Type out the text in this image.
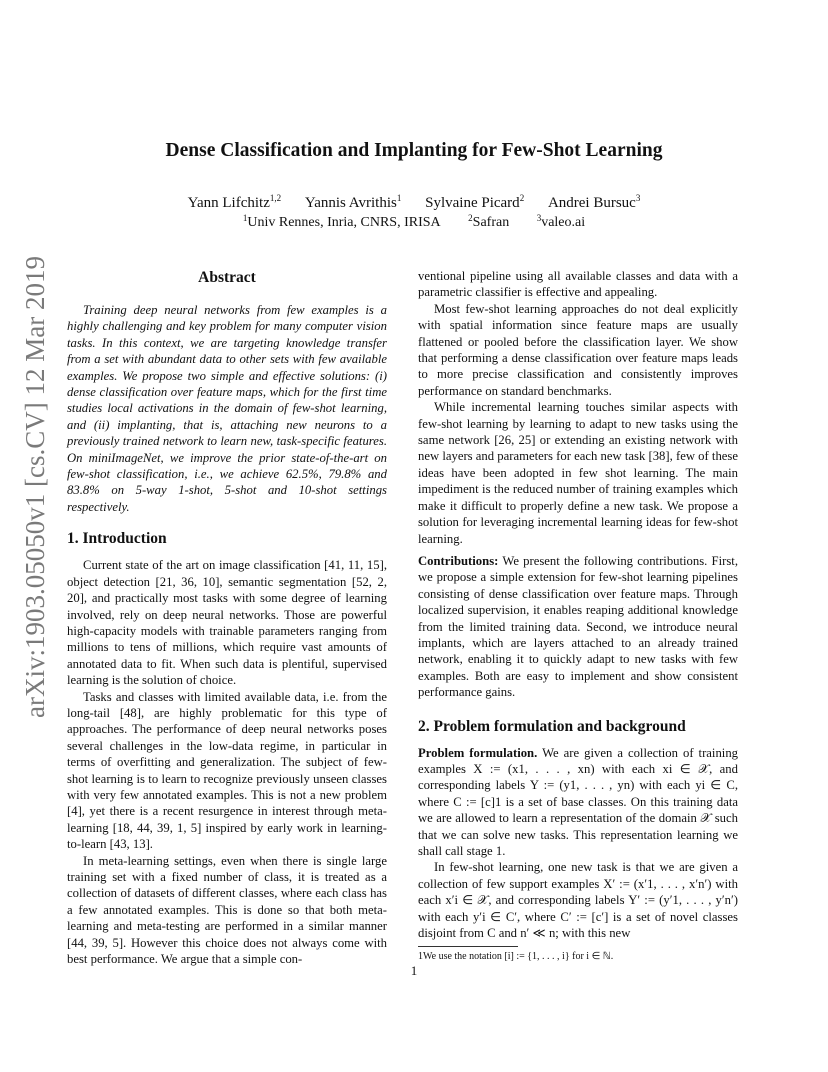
arXiv:1903.05050v1 [cs.CV] 12 Mar 2019
Dense Classification and Implanting for Few-Shot Learning
Yann Lifchitz$^{1,2}$ Yannis Avrithis$^1$ Sylvaine Picard$^2$ Andrei Bursuc$^3$
$^1$Univ Rennes, Inria, CNRS, IRISA	$^2$Safran	$^3$valeo.ai
Abstract

Training deep neural networks from few examples is a highly challenging and key problem for many computer vision tasks. In this context, we are targeting knowledge transfer from a set with abundant data to other sets with few available examples. We propose two simple and effective solutions: (i) dense classification over feature maps, which for the first time studies local activations in the domain of few-shot learning, and (ii) implanting, that is, attaching new neurons to a previously trained network to learn new, task-specific features. On miniImageNet, we improve the prior state-of-the-art on few-shot classification, i.e., we achieve 62.5%, 79.8% and 83.8% on 5-way 1-shot, 5-shot and 10-shot settings respectively.

1. Introduction

Current state of the art on image classification [41, 11, 15], object detection [21, 36, 10], semantic segmentation [52, 2, 20], and practically most tasks with some degree of learning involved, rely on deep neural networks. Those are powerful high-capacity models with trainable parameters ranging from millions to tens of millions, which require vast amounts of annotated data to fit. When such data is plentiful, supervised learning is the solution of choice.

Tasks and classes with limited available data, i.e. from the long-tail [48], are highly problematic for this type of approaches. The performance of deep neural networks poses several challenges in the low-data regime, in particular in terms of overfitting and generalization. The subject of few-shot learning is to learn to recognize previously unseen classes with very few annotated examples. This is not a new problem [4], yet there is a recent resurgence in interest through meta-learning [18, 44, 39, 1, 5] inspired by early work in learning-to-learn [43, 13].

In meta-learning settings, even when there is single large training set with a fixed number of class, it is treated as a collection of datasets of different classes, where each class has a few annotated examples. This is done so that both meta-learning and meta-testing are performed in a similar manner [44, 39, 5]. However this choice does not always come with best performance. We argue that a simple con-

ventional pipeline using all available classes and data with a parametric classifier is effective and appealing.

Most few-shot learning approaches do not deal explicitly with spatial information since feature maps are usually flattened or pooled before the classification layer. We show that performing a dense classification over feature maps leads to more precise classification and consistently improves performance on standard benchmarks.

While incremental learning touches similar aspects with few-shot learning by learning to adapt to new tasks using the same network [26, 25] or extending an existing network with new layers and parameters for each new task [38], few of these ideas have been adopted in few shot learning. The main impediment is the reduced number of training examples which make it difficult to properly define a new task. We propose a solution for leveraging incremental learning ideas for few-shot learning.

Contributions: We present the following contributions. First, we propose a simple extension for few-shot learning pipelines consisting of dense classification over feature maps. Through localized supervision, it enables reaping additional knowledge from the limited training data. Second, we introduce neural implants, which are layers attached to an already trained network, enabling it to quickly adapt to new tasks with few examples. Both are easy to implement and show consistent performance gains.

2. Problem formulation and background

Problem formulation. We are given a collection of training examples X := (x1, . . . , xn) with each xi ∈ 𝒳, and corresponding labels Y := (y1, . . . , yn) with each yi ∈ C, where C := [c]1 is a set of base classes. On this training data we are allowed to learn a representation of the domain 𝒳 such that we can solve new tasks. This representation learning we shall call stage 1.

In few-shot learning, one new task is that we are given a collection of few support examples X′ := (x′1, . . . , x′n′) with each x′i ∈ 𝒳, and corresponding labels Y′ := (y′1, . . . , y′n′) with each y′i ∈ C′, where C′ := [c′] is a set of novel classes disjoint from C and n′ ≪ n; with this new

1We use the notation [i] := {1, . . . , i} for i ∈ ℕ.
1
